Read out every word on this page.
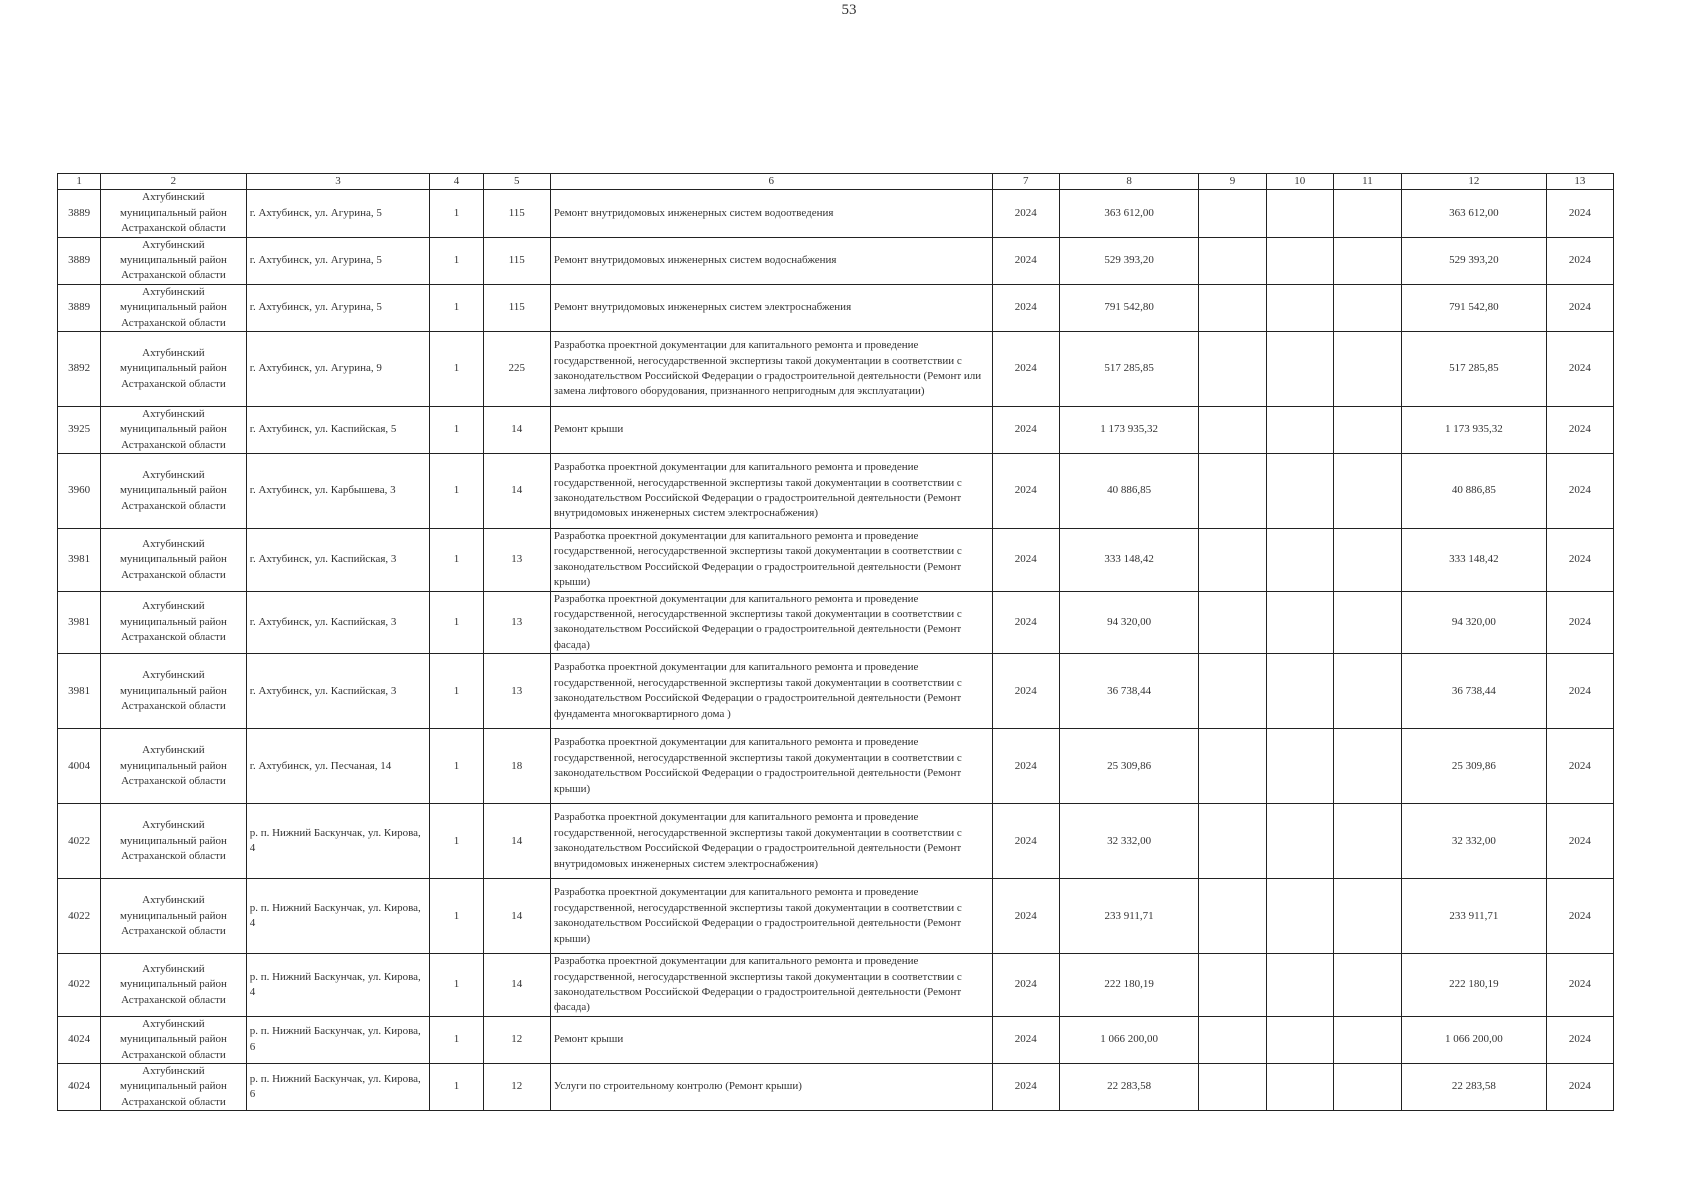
53
1	2	3	4	5	6	7	8	9	10	11	12	13
3889	Ахтубинский муниципальный район Астраханской области	г. Ахтубинск, ул. Агурина, 5	1	115	Ремонт внутридомовых инженерных систем водоотведения	2024	363 612,00				363 612,00	2024
3889	Ахтубинский муниципальный район Астраханской области	г. Ахтубинск, ул. Агурина, 5	1	115	Ремонт внутридомовых инженерных систем водоснабжения	2024	529 393,20				529 393,20	2024
3889	Ахтубинский муниципальный район Астраханской области	г. Ахтубинск, ул. Агурина, 5	1	115	Ремонт внутридомовых инженерных систем электроснабжения	2024	791 542,80				791 542,80	2024
3892	Ахтубинский муниципальный район Астраханской области	г. Ахтубинск, ул. Агурина, 9	1	225	Разработка проектной документации для капитального ремонта и проведение государственной, негосударственной экспертизы такой документации в соответствии с законодательством Российской Федерации о градостроительной деятельности (Ремонт или замена лифтового оборудования, признанного непригодным для эксплуатации)	2024	517 285,85				517 285,85	2024
3925	Ахтубинский муниципальный район Астраханской области	г. Ахтубинск, ул. Каспийская, 5	1	14	Ремонт крыши	2024	1 173 935,32				1 173 935,32	2024
3960	Ахтубинский муниципальный район Астраханской области	г. Ахтубинск, ул. Карбышева, 3	1	14	Разработка проектной документации для капитального ремонта и проведение государственной, негосударственной экспертизы такой документации в соответствии с законодательством Российской Федерации о градостроительной деятельности (Ремонт внутридомовых инженерных систем электроснабжения)	2024	40 886,85				40 886,85	2024
3981	Ахтубинский муниципальный район Астраханской области	г. Ахтубинск, ул. Каспийская, 3	1	13	Разработка проектной документации для капитального ремонта и проведение государственной, негосударственной экспертизы такой документации в соответствии с законодательством Российской Федерации о градостроительной деятельности (Ремонт крыши)	2024	333 148,42				333 148,42	2024
3981	Ахтубинский муниципальный район Астраханской области	г. Ахтубинск, ул. Каспийская, 3	1	13	Разработка проектной документации для капитального ремонта и проведение государственной, негосударственной экспертизы такой документации в соответствии с законодательством Российской Федерации о градостроительной деятельности (Ремонт фасада)	2024	94 320,00				94 320,00	2024
3981	Ахтубинский муниципальный район Астраханской области	г. Ахтубинск, ул. Каспийская, 3	1	13	Разработка проектной документации для капитального ремонта и проведение государственной, негосударственной экспертизы такой документации в соответствии с законодательством Российской Федерации о градостроительной деятельности (Ремонт фундамента многоквартирного дома )	2024	36 738,44				36 738,44	2024
4004	Ахтубинский муниципальный район Астраханской области	г. Ахтубинск, ул. Песчаная, 14	1	18	Разработка проектной документации для капитального ремонта и проведение государственной, негосударственной экспертизы такой документации в соответствии с законодательством Российской Федерации о градостроительной деятельности (Ремонт крыши)	2024	25 309,86				25 309,86	2024
4022	Ахтубинский муниципальный район Астраханской области	р. п. Нижний Баскунчак, ул. Кирова, 4	1	14	Разработка проектной документации для капитального ремонта и проведение государственной, негосударственной экспертизы такой документации в соответствии с законодательством Российской Федерации о градостроительной деятельности (Ремонт внутридомовых инженерных систем электроснабжения)	2024	32 332,00				32 332,00	2024
4022	Ахтубинский муниципальный район Астраханской области	р. п. Нижний Баскунчак, ул. Кирова, 4	1	14	Разработка проектной документации для капитального ремонта и проведение государственной, негосударственной экспертизы такой документации в соответствии с законодательством Российской Федерации о градостроительной деятельности (Ремонт крыши)	2024	233 911,71				233 911,71	2024
4022	Ахтубинский муниципальный район Астраханской области	р. п. Нижний Баскунчак, ул. Кирова, 4	1	14	Разработка проектной документации для капитального ремонта и проведение государственной, негосударственной экспертизы такой документации в соответствии с законодательством Российской Федерации о градостроительной деятельности (Ремонт фасада)	2024	222 180,19				222 180,19	2024
4024	Ахтубинский муниципальный район Астраханской области	р. п. Нижний Баскунчак, ул. Кирова, 6	1	12	Ремонт крыши	2024	1 066 200,00				1 066 200,00	2024
4024	Ахтубинский муниципальный район Астраханской области	р. п. Нижний Баскунчак, ул. Кирова, 6	1	12	Услуги по строительному контролю (Ремонт крыши)	2024	22 283,58				22 283,58	2024
